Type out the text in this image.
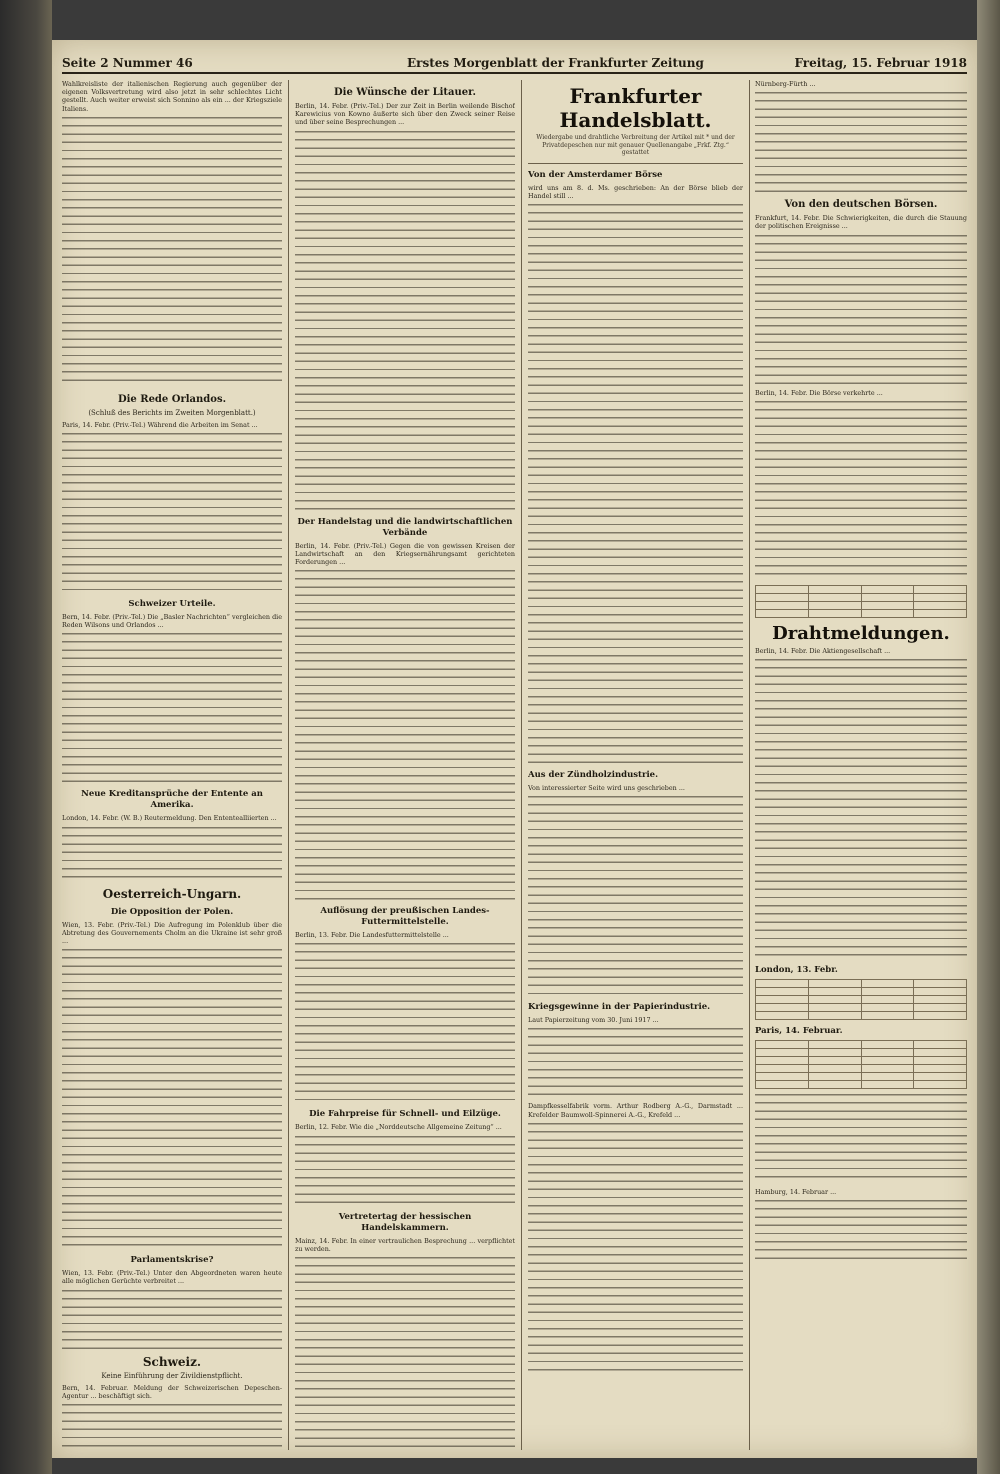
Seite 2 Nummer 46	Erstes Morgenblatt der Frankfurter Zeitung	Freitag, 15. Februar 1918

Wahlkreisliste der italienischen Regierung auch gegenüber der eigenen Volksvertretung wird also jetzt in sehr schlechtes Licht gestellt. Auch weiter erweist sich Sonnino als ein ... der Kriegsziele Italiens.

Die Rede Orlandos.
(Schluß des Berichts im Zweiten Morgenblatt.)

Paris, 14. Febr. (Priv.-Tel.) Während die Arbeiten im Senat ...

Schweizer Urteile.

Bern, 14. Febr. (Priv.-Tel.) Die „Basler Nachrichten“ vergleichen die Reden Wilsons und Orlandos ...

Neue Kreditansprüche der Entente an Amerika.

London, 14. Febr. (W. B.) Reutermeldung. Den Ententealliierten ...

Oesterreich-Ungarn.
Die Opposition der Polen.

Wien, 13. Febr. (Priv.-Tel.) Die Aufregung im Polenklub über die Abtretung des Gouvernements Cholm an die Ukraine ist sehr groß ...

Parlamentskrise?

Wien, 13. Febr. (Priv.-Tel.) Unter den Abgeordneten waren heute alle möglichen Gerüchte verbreitet ...

Schweiz.
Keine Einführung der Zivildienstpflicht.

Bern, 14. Februar. Meldung der Schweizerischen Depeschen-Agentur ... beschäftigt sich.

Die Wünsche der Litauer.

Berlin, 14. Febr. (Priv.-Tel.) Der zur Zeit in Berlin weilende Bischof Karewicius von Kowno äußerte sich über den Zweck seiner Reise und über seine Besprechungen ...

Der Handelstag und die landwirtschaftlichen Verbände

Berlin, 14. Febr. (Priv.-Tel.) Gegen die von gewissen Kreisen der Landwirtschaft an den Kriegsernährungsamt gerichteten Forderungen ...

Auflösung der preußischen Landes-Futtermittelstelle.

Berlin, 13. Febr. Die Landesfuttermittelstelle ...

Die Fahrpreise für Schnell- und Eilzüge.

Berlin, 12. Febr. Wie die „Norddeutsche Allgemeine Zeitung“ ...

Vertretertag der hessischen Handelskammern.

Mainz, 14. Febr. In einer vertraulichen Besprechung ... verpflichtet zu werden.

Frankfurter Handelsblatt.
Wiedergabe und drahtliche Verbreitung der Artikel mit * und der Privatdepeschen nur mit genauer Quellenangabe „Frkf. Ztg.“ gestattet
Von der Amsterdamer Börse

wird uns am 8. d. Ms. geschrieben: An der Börse blieb der Handel still ...

Aus der Zündholzindustrie.

Von interessierter Seite wird uns geschrieben ...

Kriegsgewinne in der Papierindustrie.

Laut Papierzeitung vom 30. Juni 1917 ...

Dampfkesselfabrik vorm. Arthur Rodberg A.-G., Darmstadt ... Krefelder Baumwoll-Spinnerei A.-G., Krefeld ...

Nürnberg-Fürth ...

Von den deutschen Börsen.

Frankfurt, 14. Febr. Die Schwierigkeiten, die durch die Stauung der politischen Ereignisse ...

Berlin, 14. Febr. Die Börse verkehrte ...

Drahtmeldungen.

Berlin, 14. Febr. Die Aktiengesellschaft ...

London, 13. Febr.

Paris, 14. Februar.

Hamburg, 14. Februar ...
